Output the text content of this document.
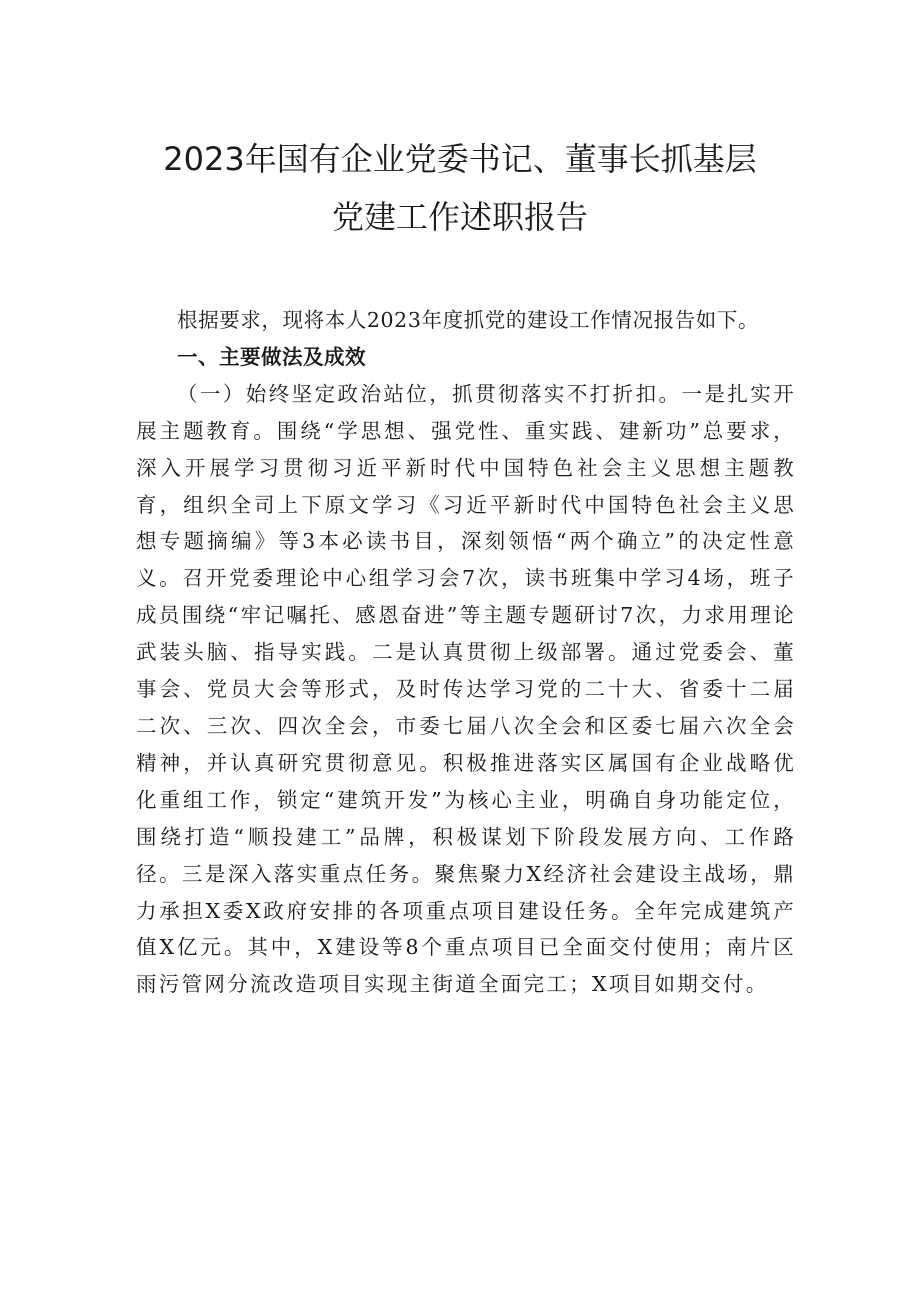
2023年国有企业党委书记、董事长抓基层
党建工作述职报告

根据要求，现将本人2023年度抓党的建设工作情况报告如下。

一、主要做法及成效

（一）始终坚定政治站位，抓贯彻落实不打折扣。一是扎实开展主题教育。围绕“学思想、强党性、重实践、建新功”总要求，深入开展学习贯彻习近平新时代中国特色社会主义思想主题教育，组织全司上下原文学习《习近平新时代中国特色社会主义思想专题摘编》等3本必读书目，深刻领悟“两个确立”的决定性意义。召开党委理论中心组学习会7次，读书班集中学习4场，班子成员围绕“牢记嘱托、感恩奋进”等主题专题研讨7次，力求用理论武装头脑、指导实践。二是认真贯彻上级部署。通过党委会、董事会、党员大会等形式，及时传达学习党的二十大、省委十二届二次、三次、四次全会，市委七届八次全会和区委七届六次全会精神，并认真研究贯彻意见。积极推进落实区属国有企业战略优化重组工作，锁定“建筑开发”为核心主业，明确自身功能定位，围绕打造“顺投建工”品牌，积极谋划下阶段发展方向、工作路径。三是深入落实重点任务。聚焦聚力X经济社会建设主战场，鼎力承担X委X政府安排的各项重点项目建设任务。全年完成建筑产值X亿元。其中，X建设等8个重点项目已全面交付使用；南片区雨污管网分流改造项目实现主街道全面完工；X项目如期交付。
